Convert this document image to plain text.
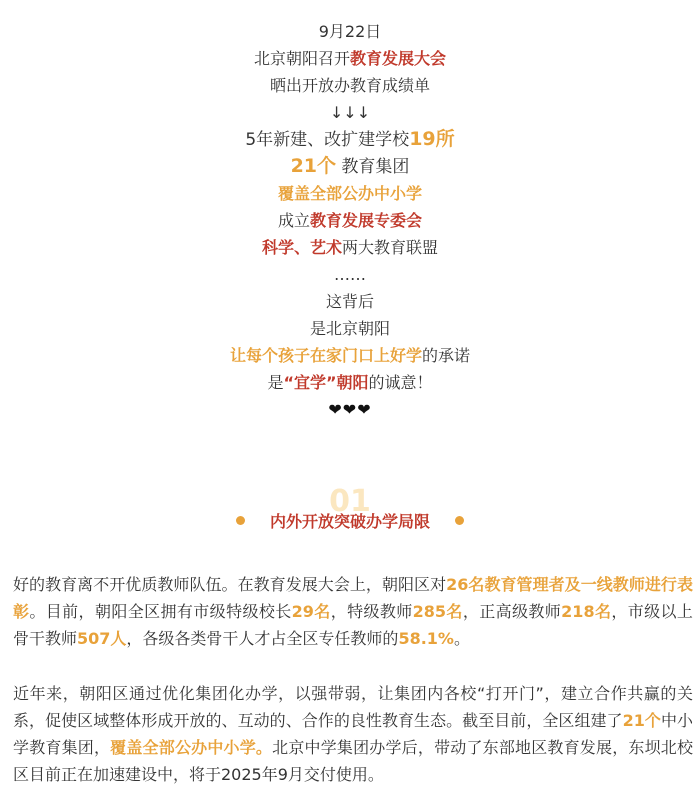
9月22日
北京朝阳召开教育发展大会
晒出开放办教育成绩单
↓↓↓
5年新建、改扩建学校19所
21个 教育集团
覆盖全部公办中小学
成立教育发展专委会
科学、艺术两大教育联盟
……
这背后
是北京朝阳
让每个孩子在家门口上好学的承诺
是“宜学”朝阳的诚意！
❤❤❤
01
内外开放突破办学局限
好的教育离不开优质教师队伍。在教育发展大会上，朝阳区对26名教育管理者及一线教师进行表彰。目前，朝阳全区拥有市级特级校长29名，特级教师285名，正高级教师218名，市级以上骨干教师507人，各级各类骨干人才占全区专任教师的58.1%。
近年来，朝阳区通过优化集团化办学，以强带弱，让集团内各校“打开门”，建立合作共赢的关系，促使区域整体形成开放的、互动的、合作的良性教育生态。截至目前，全区组建了21个中小学教育集团，覆盖全部公办中小学。北京中学集团办学后，带动了东部地区教育发展，东坝北校区目前正在加速建设中，将于2025年9月交付使用。
